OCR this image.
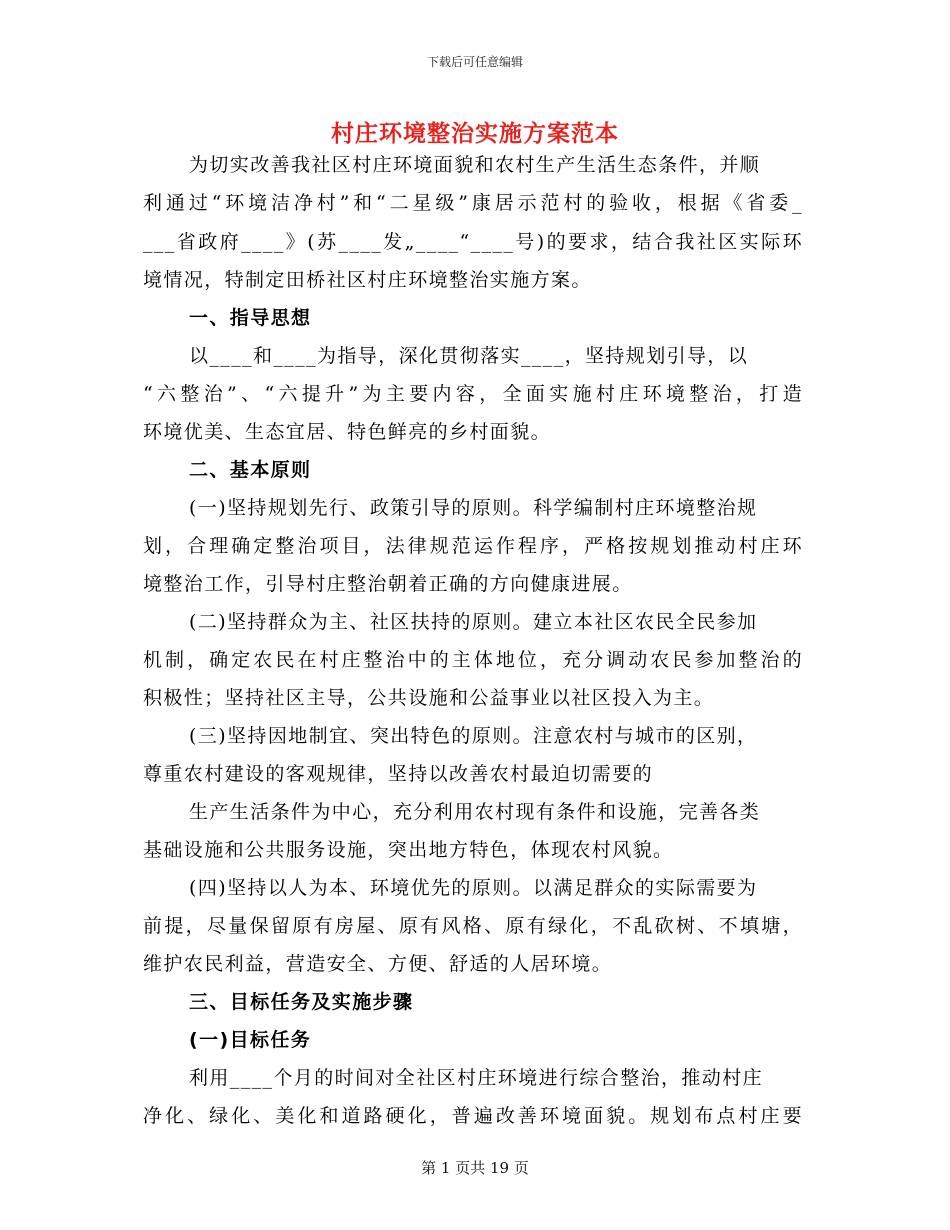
下载后可任意编辑
村庄环境整治实施方案范本
为切实改善我社区村庄环境面貌和农村生产生活生态条件，并顺
利通过“环境洁净村”和“二星级”康居示范村的验收，根据《省委_
___省政府____》(苏____发„____“____号)的要求，结合我社区实际环
境情况，特制定田桥社区村庄环境整治实施方案。
一、指导思想
以____和____为指导，深化贯彻落实____，坚持规划引导，以
“六整治”、“六提升”为主要内容，全面实施村庄环境整治，打造
环境优美、生态宜居、特色鲜亮的乡村面貌。
二、基本原则
(一)坚持规划先行、政策引导的原则。科学编制村庄环境整治规
划，合理确定整治项目，法律规范运作程序，严格按规划推动村庄环
境整治工作，引导村庄整治朝着正确的方向健康进展。
(二)坚持群众为主、社区扶持的原则。建立本社区农民全民参加
机制，确定农民在村庄整治中的主体地位，充分调动农民参加整治的
积极性；坚持社区主导，公共设施和公益事业以社区投入为主。
(三)坚持因地制宜、突出特色的原则。注意农村与城市的区别，
尊重农村建设的客观规律，坚持以改善农村最迫切需要的
生产生活条件为中心，充分利用农村现有条件和设施，完善各类
基础设施和公共服务设施，突出地方特色，体现农村风貌。
(四)坚持以人为本、环境优先的原则。以满足群众的实际需要为
前提，尽量保留原有房屋、原有风格、原有绿化，不乱砍树、不填塘，
维护农民利益，营造安全、方便、舒适的人居环境。
三、目标任务及实施步骤
(一)目标任务
利用____个月的时间对全社区村庄环境进行综合整治，推动村庄
净化、绿化、美化和道路硬化，普遍改善环境面貌。规划布点村庄要
第 1 页共 19 页
